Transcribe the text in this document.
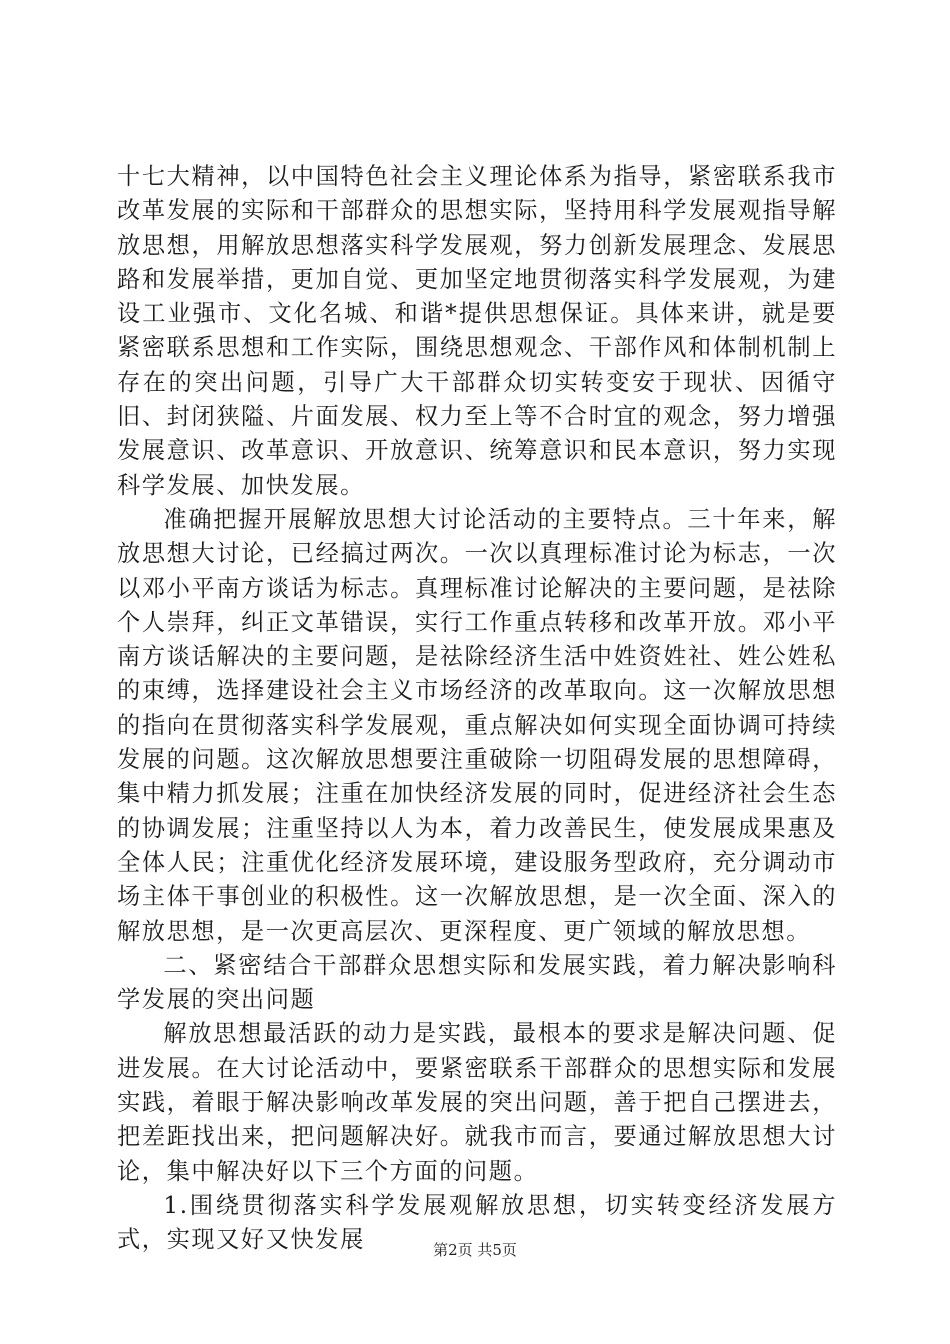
十七大精神，以中国特色社会主义理论体系为指导，紧密联系我市改革发展的实际和干部群众的思想实际，坚持用科学发展观指导解放思想，用解放思想落实科学发展观，努力创新发展理念、发展思路和发展举措，更加自觉、更加坚定地贯彻落实科学发展观，为建设工业强市、文化名城、和谐*提供思想保证。具体来讲，就是要紧密联系思想和工作实际，围绕思想观念、干部作风和体制机制上存在的突出问题，引导广大干部群众切实转变安于现状、因循守旧、封闭狭隘、片面发展、权力至上等不合时宜的观念，努力增强发展意识、改革意识、开放意识、统筹意识和民本意识，努力实现科学发展、加快发展。

准确把握开展解放思想大讨论活动的主要特点。三十年来，解放思想大讨论，已经搞过两次。一次以真理标准讨论为标志，一次以邓小平南方谈话为标志。真理标准讨论解决的主要问题，是祛除个人崇拜，纠正文革错误，实行工作重点转移和改革开放。邓小平南方谈话解决的主要问题，是祛除经济生活中姓资姓社、姓公姓私的束缚，选择建设社会主义市场经济的改革取向。这一次解放思想的指向在贯彻落实科学发展观，重点解决如何实现全面协调可持续发展的问题。这次解放思想要注重破除一切阻碍发展的思想障碍，集中精力抓发展；注重在加快经济发展的同时，促进经济社会生态的协调发展；注重坚持以人为本，着力改善民生，使发展成果惠及全体人民；注重优化经济发展环境，建设服务型政府，充分调动市场主体干事创业的积极性。这一次解放思想，是一次全面、深入的解放思想，是一次更高层次、更深程度、更广领域的解放思想。

二、紧密结合干部群众思想实际和发展实践，着力解决影响科学发展的突出问题

解放思想最活跃的动力是实践，最根本的要求是解决问题、促进发展。在大讨论活动中，要紧密联系干部群众的思想实际和发展实践，着眼于解决影响改革发展的突出问题，善于把自己摆进去，把差距找出来，把问题解决好。就我市而言，要通过解放思想大讨论，集中解决好以下三个方面的问题。

1.围绕贯彻落实科学发展观解放思想，切实转变经济发展方式，实现又好又快发展	第2页 共5页
